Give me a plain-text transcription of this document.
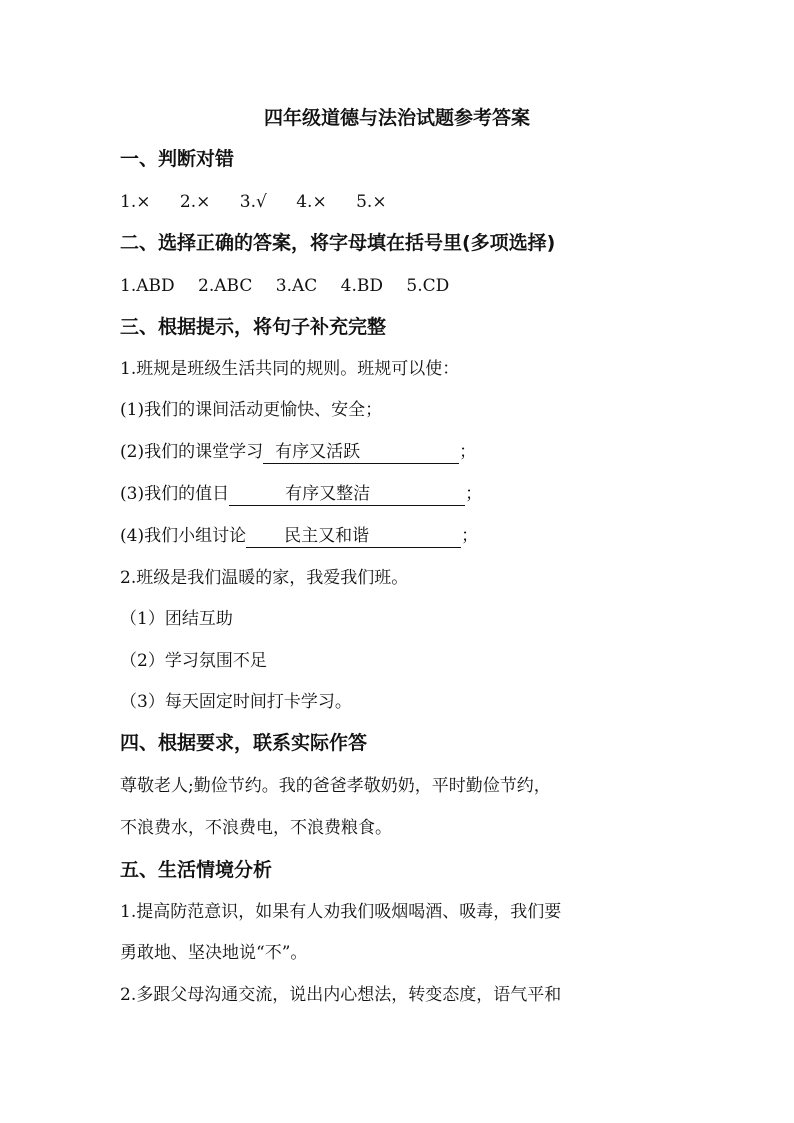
四年级道德与法治试题参考答案
一、判断对错
1.× 2.× 3.√ 4.× 5.×
二、选择正确的答案，将字母填在括号里(多项选择)
1.ABD 2.ABC 3.AC 4.BD 5.CD
三、根据提示，将句子补充完整
1.班规是班级生活共同的规则。班规可以使：
(1)我们的课间活动更愉快、安全；
(2)我们的课堂学习 有序又活跃	；
(3)我们的值日	有序又整洁	；
(4)我们小组讨论 民主又和谐	；
2.班级是我们温暖的家，我爱我们班。
（1）团结互助
（2）学习氛围不足
（3）每天固定时间打卡学习。
四、根据要求，联系实际作答
尊敬老人;勤俭节约。我的爸爸孝敬奶奶，平时勤俭节约，
不浪费水，不浪费电，不浪费粮食。
五、生活情境分析
1.提高防范意识，如果有人劝我们吸烟喝酒、吸毒，我们要
勇敢地、坚决地说“不”。
2.多跟父母沟通交流，说出内心想法，转变态度，语气平和
